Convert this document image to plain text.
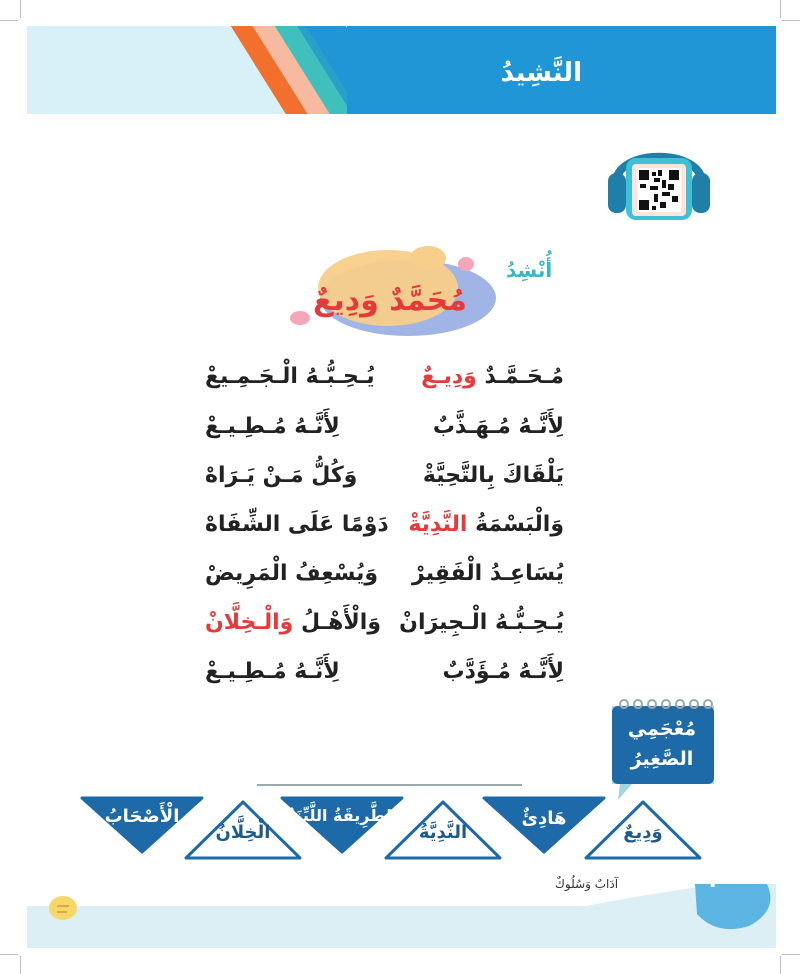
النَّشِيدُ
أُنْشِدُ
مُحَمَّدٌ وَدِيعٌ
مُـحَـمَّـدٌ وَدِيـعٌ
يُـحِـبُّـهُ الْـجَـمِـيعْ
لِأَنَّـهُ مُـهَـذَّبٌ
لِأَنَّـهُ مُـطِـيـعْ
يَلْقَاكَ بِالتَّحِيَّةْ
وَكُلُّ مَـنْ يَـرَاهْ
وَالْبَسْمَةُ النَّدِيَّةْ
دَوْمًا عَلَى الشِّفَاهْ
يُسَاعِـدُ الْفَقِيرْ
وَيُسْعِفُ الْمَرِيضْ
يُـحِـبُّـهُ الْـجِيرَانْ
وَالْأَهْـلُ وَالْـخِلَّانْ
لِأَنَّـهُ مُـؤَدَّبٌ
لِأَنَّـهُ مُـطِـيـعْ
مُعْجَمِي
الصَّغِيرُ
وَدِيعٌ
هَادِئٌ
النَّدِيَّةُ
الطَّرِيقَةُ اللَّيِّنَةُ
الْخِلَّانُ
الْأَصْحَابُ
٢٠
آدَابٌ وَسُلُوكٌ
